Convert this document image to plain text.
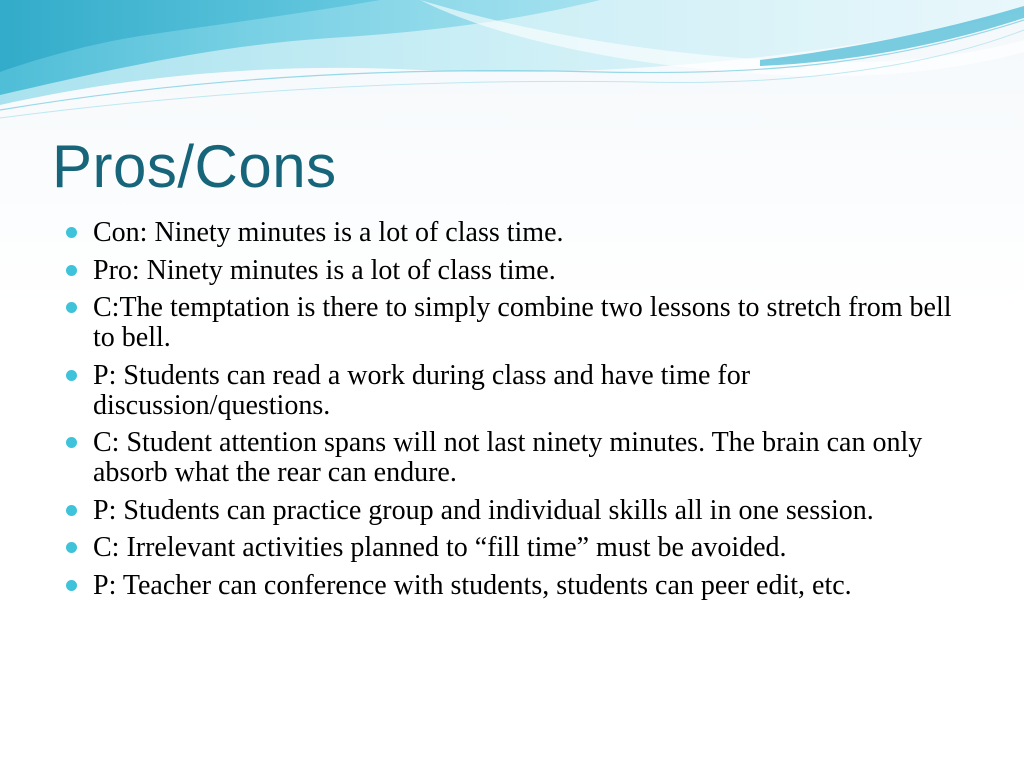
Pros/Cons
Con: Ninety minutes is a lot of class time.
Pro: Ninety minutes is a lot of class time.
C:The temptation is there to simply combine two lessons to stretch from bell to bell.
P: Students can read a work during class and have time for discussion/questions.
C: Student attention spans will not last ninety minutes. The brain can only absorb what the rear can endure.
P: Students can practice group and individual skills all in one session.
C: Irrelevant activities planned to “fill time” must be avoided.
P: Teacher can conference with students, students can peer edit, etc.
